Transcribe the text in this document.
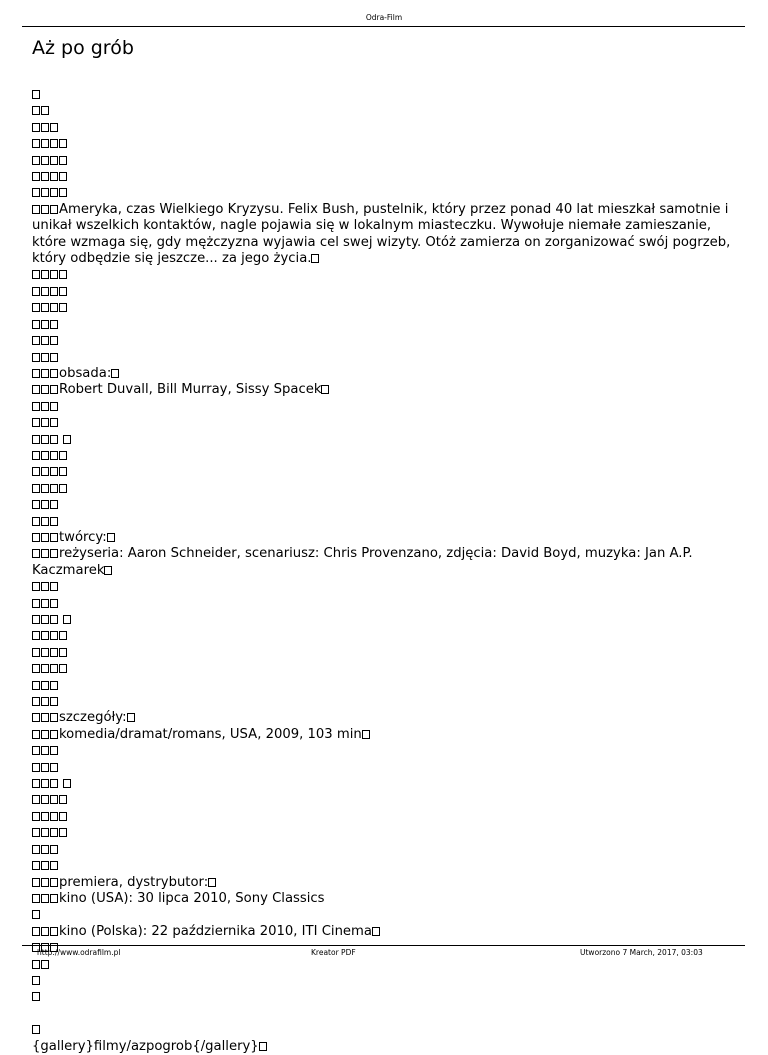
Odra-Film
Aż po grób
Ameryka, czas Wielkiego Kryzysu. Felix Bush, pustelnik, który przez ponad 40 lat mieszkał samotnie i unikał wszelkich kontaktów, nagle pojawia się w lokalnym miasteczku. Wywołuje niemałe zamieszanie, które wzmaga się, gdy mężczyzna wyjawia cel swej wizyty. Otóż zamierza on zorganizować swój pogrzeb, który odbędzie się jeszcze... za jego życia.
obsada:
Robert Duvall, Bill Murray, Sissy Spacek
twórcy:
reżyseria: Aaron Schneider, scenariusz: Chris Provenzano, zdjęcia: David Boyd, muzyka: Jan A.P. Kaczmarek
szczegóły:
komedia/dramat/romans, USA, 2009, 103 min
premiera, dystrybutor:
kino (USA): 30 lipca 2010, Sony Classics
kino (Polska): 22 października 2010, ITI Cinema
{gallery}filmy/azpogrob{/gallery}
http://www.odrafilm.pl	Kreator PDF	Utworzono 7 March, 2017, 03:03
